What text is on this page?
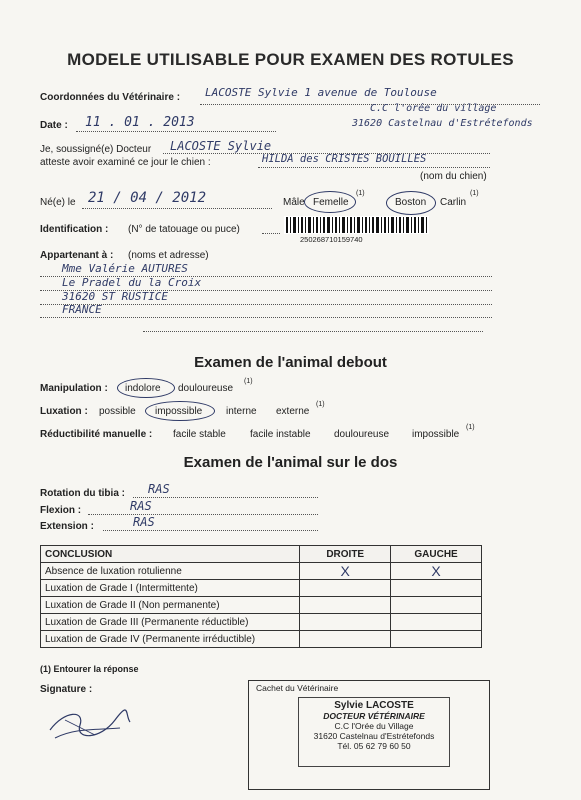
MODELE UTILISABLE POUR EXAMEN DES ROTULES
Coordonnées du Vétérinaire : LACOSTE Sylvie 1 avenue de Toulouse
C.C l'orée du village
31620 Castelnau d'Estrétefonds
Date : 11 . 01 . 2013
Je, soussigné(e) Docteur LACOSTE Sylvie
atteste avoir examiné ce jour le chien :	HILDA des CRISTES BOUILLES
(nom du chien)
Né(e) le 21 / 04 / 2012	Mâle Femelle
(1)
Boston Carlin
(1)
Identification : (N° de tatouage ou puce)
250268710159740
Appartenant à : (noms et adresse)
Mme Valérie AUTURES
Le Pradel du la Croix
31620 ST RUSTICE
FRANCE
Examen de l'animal debout
Manipulation : indolore douloureuse
(1)
Luxation : possible impossible interne externe
(1)
Réductibilité manuelle : facile stable facile instable douloureuse impossible
(1)
Examen de l'animal sur le dos
Rotation du tibia : RAS
Flexion :	RAS
Extension :	RAS
CONCLUSION	DROITE	GAUCHE
Absence de luxation rotulienne	X	X
Luxation de Grade I (Intermittente)		
Luxation de Grade II (Non permanente)		
Luxation de Grade III (Permanente réductible)		
Luxation de Grade IV (Permanente irréductible)		
(1) Entourer la réponse
Signature :	Cachet du Vétérinaire
Sylvie LACOSTE
DOCTEUR VÉTÉRINAIRE
C.C l'Orée du Village
31620 Castelnau d'Estrétefonds
Tél. 05 62 79 60 50
